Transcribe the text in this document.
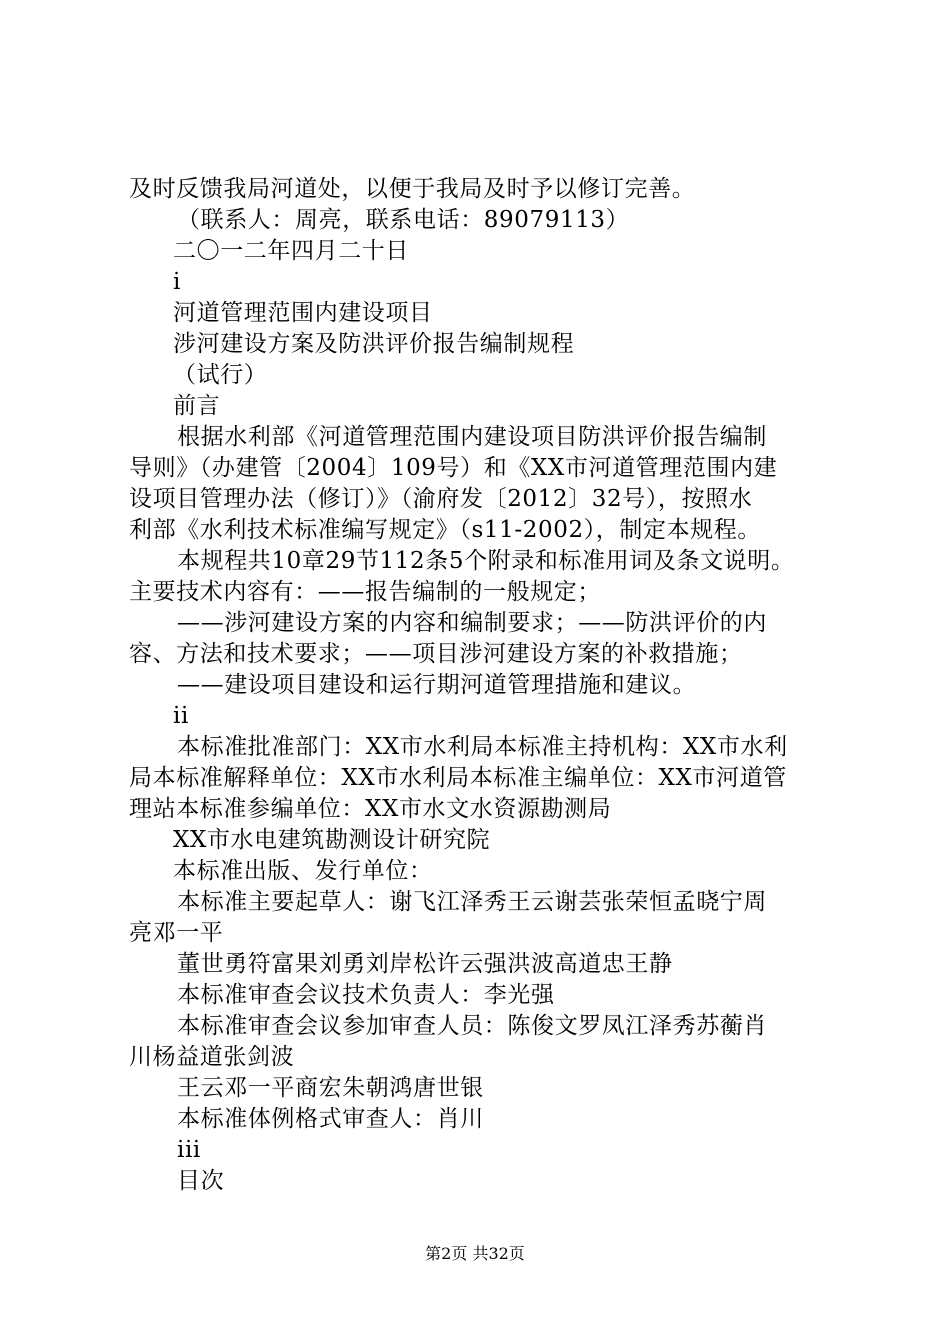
及时反馈我局河道处，以便于我局及时予以修订完善。
（联系人：周亮，联系电话：89079113）
二〇一二年四月二十日
i
河道管理范围内建设项目
涉河建设方案及防洪评价报告编制规程
（试行）
前言
根据水利部《河道管理范围内建设项目防洪评价报告编制
导则》（办建管〔2004〕109号）和《XX市河道管理范围内建
设项目管理办法（修订）》（渝府发〔2012〕32号），按照水
利部《水利技术标准编写规定》（s11-2002），制定本规程。
本规程共10章29节112条5个附录和标准用词及条文说明。
主要技术内容有：——报告编制的一般规定；
——涉河建设方案的内容和编制要求；——防洪评价的内
容、方法和技术要求；——项目涉河建设方案的补救措施；
——建设项目建设和运行期河道管理措施和建议。
ii
本标准批准部门：XX市水利局本标准主持机构：XX市水利
局本标准解释单位：XX市水利局本标准主编单位：XX市河道管
理站本标准参编单位：XX市水文水资源勘测局
XX市水电建筑勘测设计研究院
本标准出版、发行单位：
本标准主要起草人：谢飞江泽秀王云谢芸张荣恒孟晓宁周
亮邓一平
董世勇符富果刘勇刘岸松许云强洪波高道忠王静
本标准审查会议技术负责人：李光强
本标准审查会议参加审查人员：陈俊文罗凤江泽秀苏蘅肖
川杨益道张剑波
王云邓一平商宏朱朝鸿唐世银
本标准体例格式审查人：肖川
iii
目次
第2页 共32页
